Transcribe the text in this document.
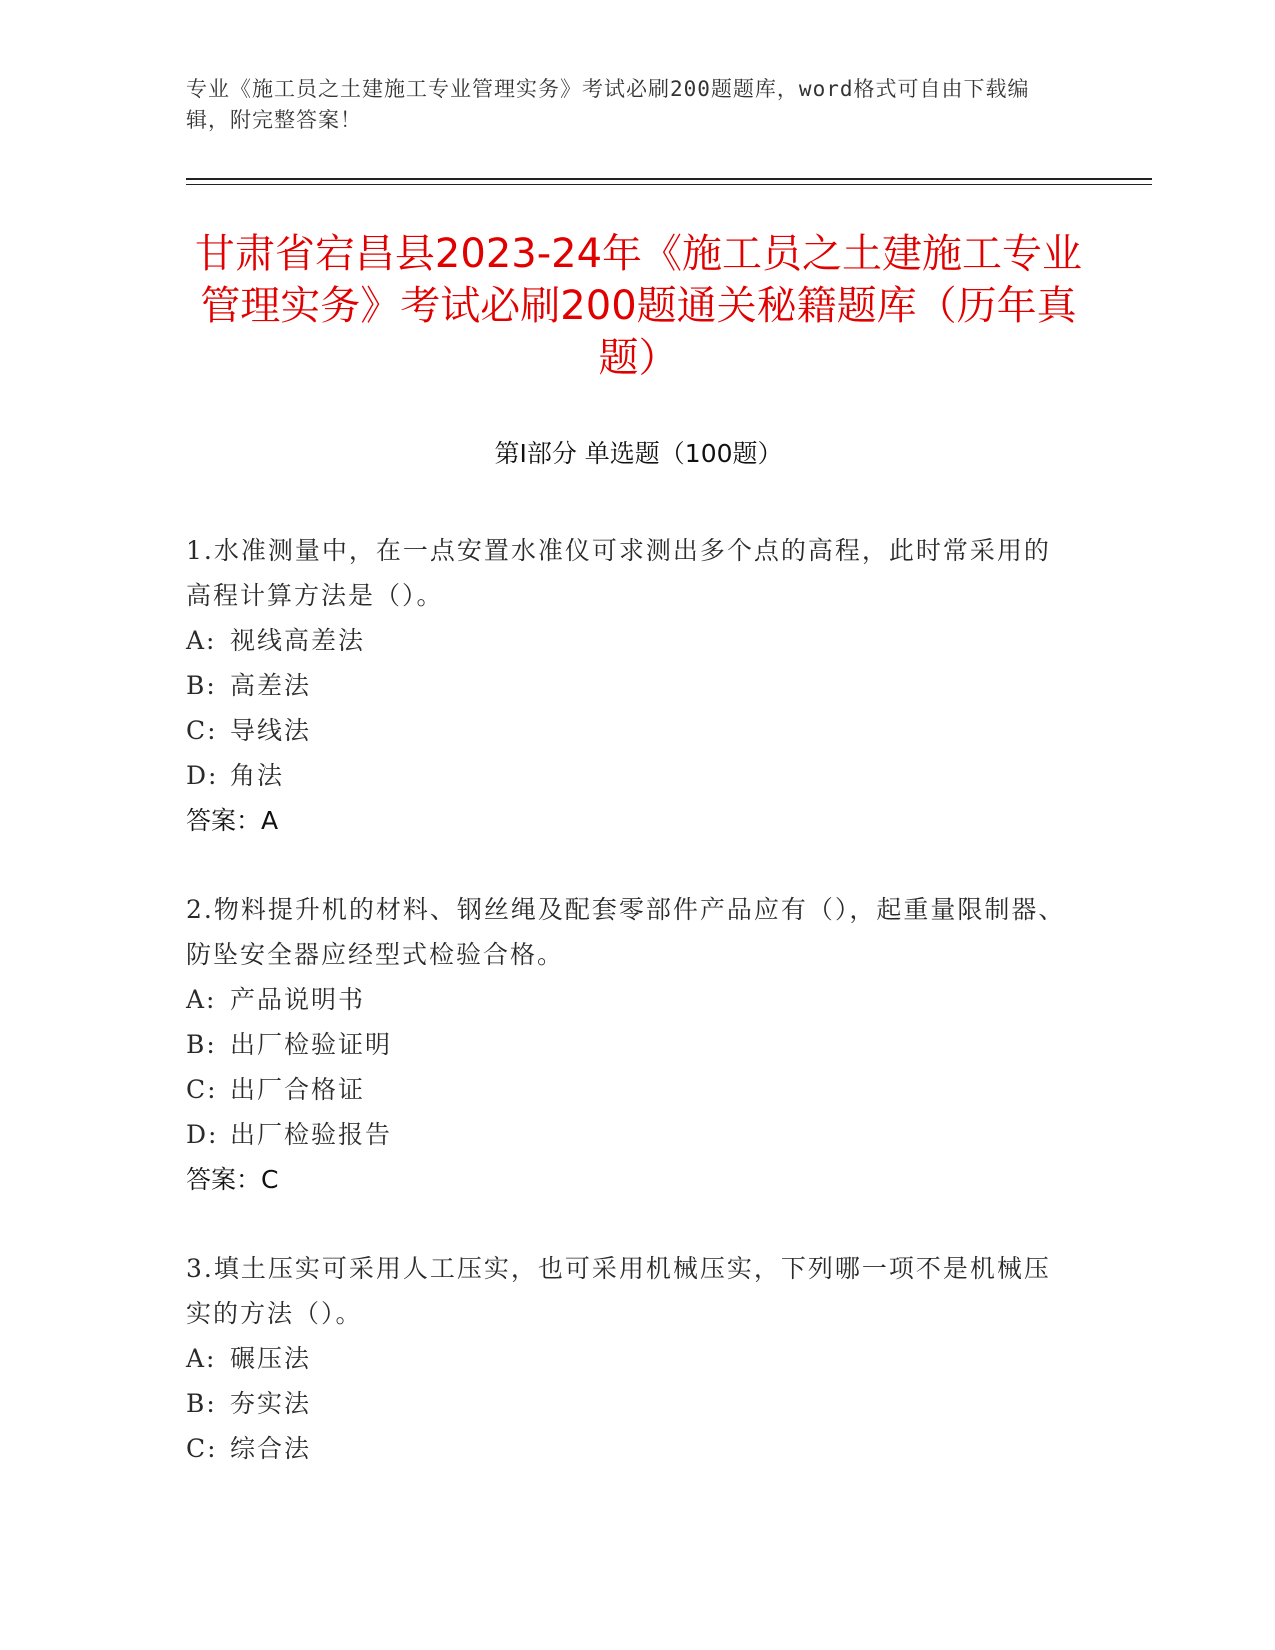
专业《施工员之土建施工专业管理实务》考试必刷200题题库，word格式可自由下载编辑，附完整答案！
甘肃省宕昌县2023-24年《施工员之土建施工专业管理实务》考试必刷200题通关秘籍题库（历年真题）
第Ⅰ部分 单选题（100题）

1.水准测量中，在一点安置水准仪可求测出多个点的高程，此时常采用的高程计算方法是（）。

A: 视线高差法

B: 高差法

C: 导线法

D: 角法

答案：A

2.物料提升机的材料、钢丝绳及配套零部件产品应有（），起重量限制器、防坠安全器应经型式检验合格。

A: 产品说明书

B: 出厂检验证明

C: 出厂合格证

D: 出厂检验报告

答案：C

3.填土压实可采用人工压实，也可采用机械压实，下列哪一项不是机械压实的方法（）。

A: 碾压法

B: 夯实法

C: 综合法
